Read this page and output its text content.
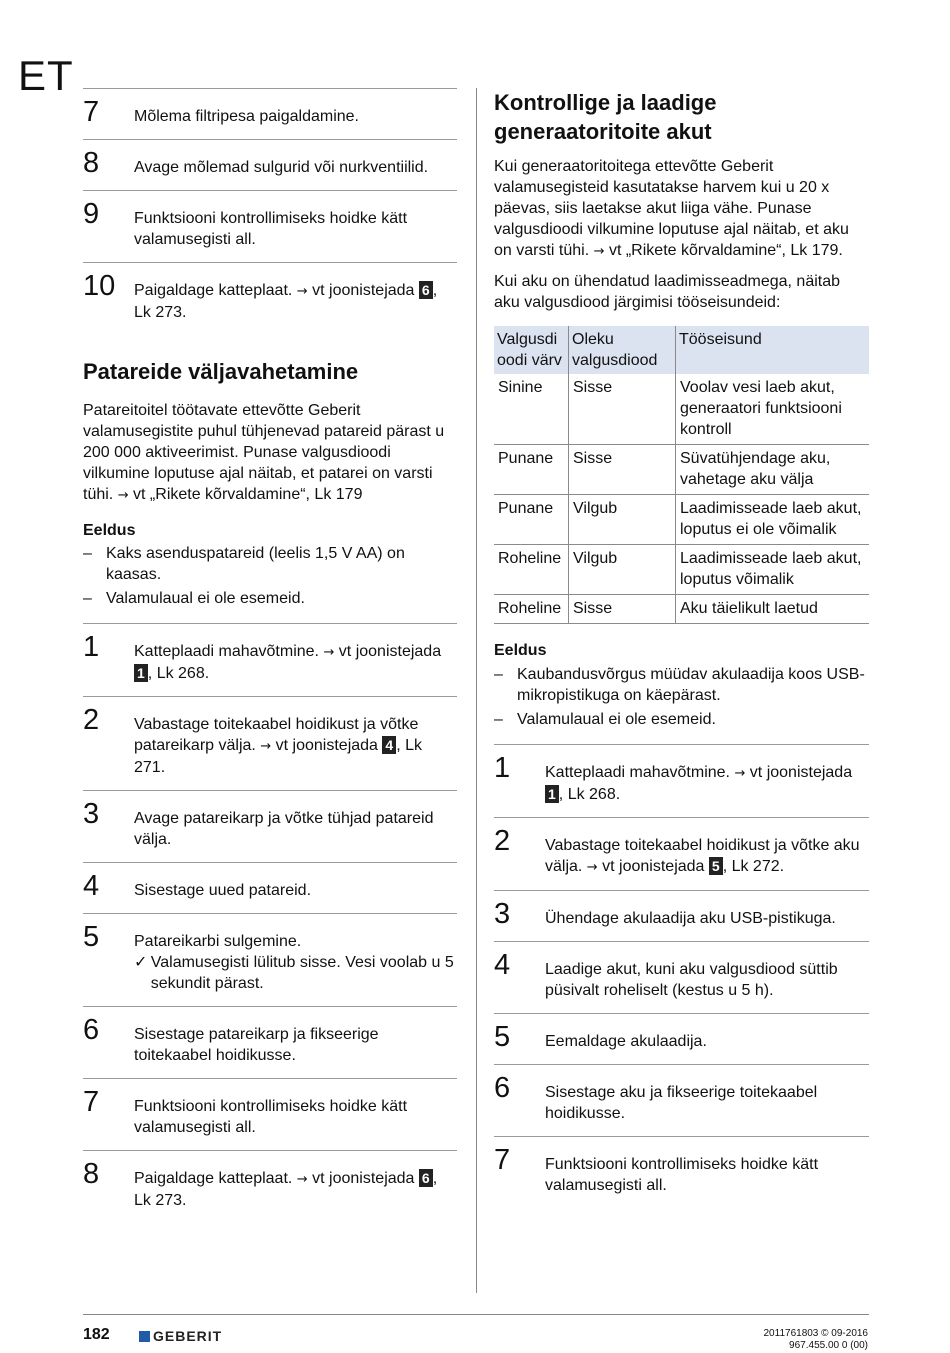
ET
7	Mõlema filtripesa paigaldamine.
8	Avage mõlemad sulgurid või nurkventiilid.
9	Funktsiooni kontrollimiseks hoidke kätt valamusegisti all.
10	Paigaldage katteplaat. → vt joonistejada 6 , Lk 273.
Patareide väljavahetamine

Patareitoitel töötavate ettevõtte Geberit valamusegistite puhul tühjenevad patareid pärast u 200 000 aktiveerimist. Punase valgusdioodi vilkumine loputuse ajal näitab, et patarei on varsti tühi. → vt „Rikete kõrvaldamine“, Lk 179

Eeldus
– Kaks asenduspatareid (leelis 1,5 V AA) on kaasas.
– Valamulaual ei ole esemeid.
1	Katteplaadi mahavõtmine. → vt joonistejada 1 , Lk 268.
2	Vabastage toitekaabel hoidikust ja võtke patareikarp välja. → vt joonistejada 4 , Lk 271.
3	Avage patareikarp ja võtke tühjad patareid välja.
4	Sisestage uued patareid.
5	Patareikarbi sulgemine.
✓ Valamusegisti lülitub sisse. Vesi voolab u 5 sekundit pärast.
6	Sisestage patareikarp ja fikseerige toitekaabel hoidikusse.
7	Funktsiooni kontrollimiseks hoidke kätt valamusegisti all.
8	Paigaldage katteplaat. → vt joonistejada 6 , Lk 273.
Kontrollige ja laadige generaatoritoite akut

Kui generaatoritoitega ettevõtte Geberit valamusegisteid kasutatakse harvem kui u 20 x päevas, siis laetakse akut liiga vähe. Punase valgusdioodi vilkumine loputuse ajal näitab, et aku on varsti tühi. → vt „Rikete kõrvaldamine“, Lk 179.

Kui aku on ühendatud laadimisseadmega, näitab aku valgusdiood järgimisi tööseisundeid:

Valgusdi oodi värv	Oleku valgusdiood	Tööseisund
Sinine	Sisse	Voolav vesi laeb akut, generaatori funktsiooni kontroll
Punane	Sisse	Süvatühjendage aku, vahetage aku välja
Punane	Vilgub	Laadimisseade laeb akut, loputus ei ole võimalik
Roheline	Vilgub	Laadimisseade laeb akut, loputus võimalik
Roheline	Sisse	Aku täielikult laetud
Eeldus
– Kaubandusvõrgus müüdav akulaadija koos USB-mikropistikuga on käepärast.
– Valamulaual ei ole esemeid.
1	Katteplaadi mahavõtmine. → vt joonistejada 1 , Lk 268.
2	Vabastage toitekaabel hoidikust ja võtke aku välja. → vt joonistejada 5 , Lk 272.
3	Ühendage akulaadija aku USB-pistikuga.
4	Laadige akut, kuni aku valgusdiood süttib püsivalt roheliselt (kestus u 5 h).
5	Eemaldage akulaadija.
6	Sisestage aku ja fikseerige toitekaabel hoidikusse.
7	Funktsiooni kontrollimiseks hoidke kätt valamusegisti all.
182	GEBERIT	2011761803 © 09-2016
967.455.00 0 (00)
